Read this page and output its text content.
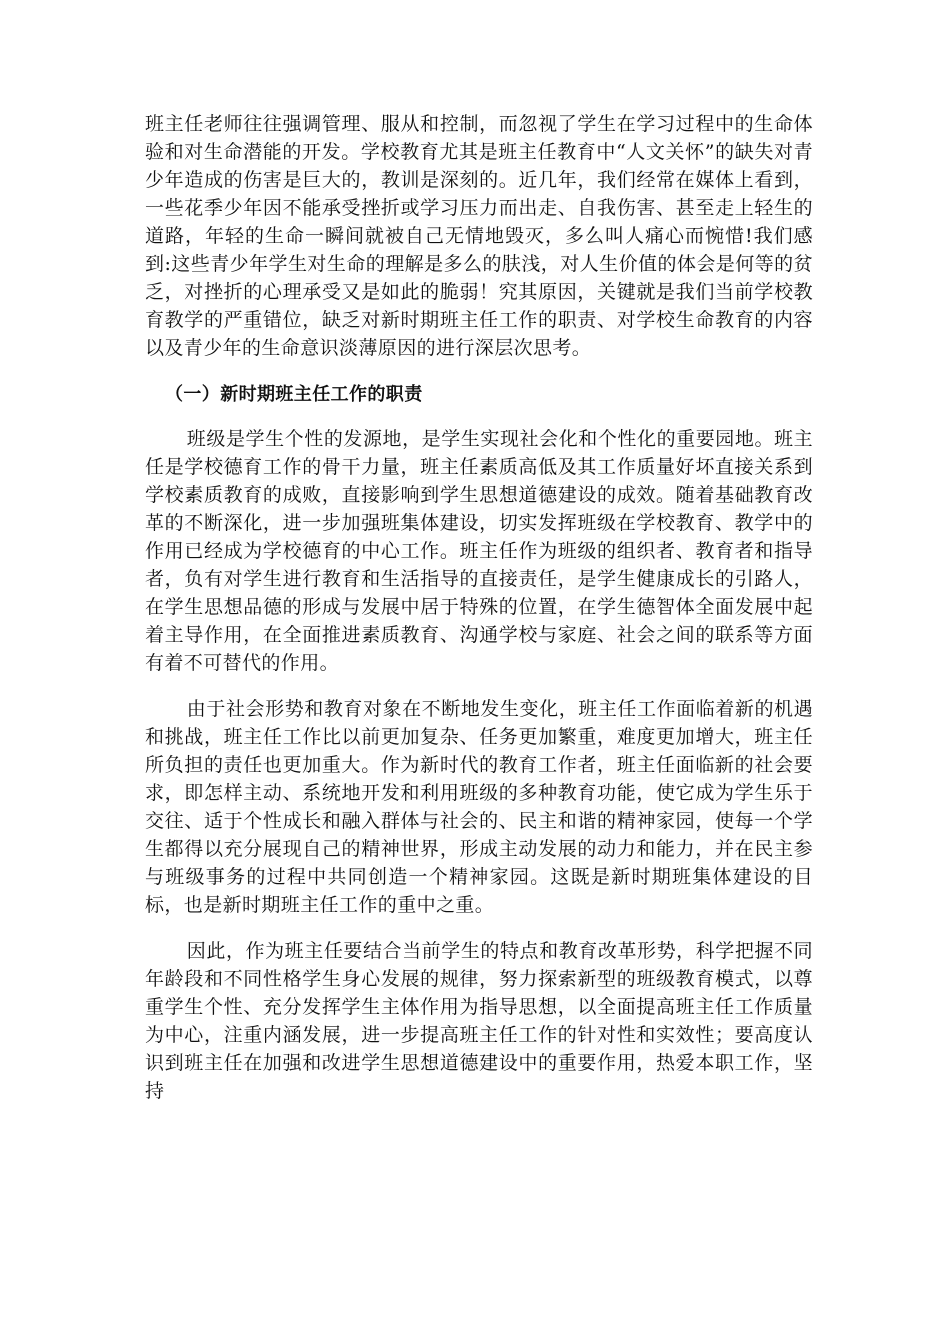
班主任老师往往强调管理、服从和控制，而忽视了学生在学习过程中的生命体验和对生命潜能的开发。学校教育尤其是班主任教育中“人文关怀”的缺失对青少年造成的伤害是巨大的，教训是深刻的。近几年，我们经常在媒体上看到，一些花季少年因不能承受挫折或学习压力而出走、自我伤害、甚至走上轻生的道路，年轻的生命一瞬间就被自己无情地毁灭，多么叫人痛心而惋惜!我们感到:这些青少年学生对生命的理解是多么的肤浅，对人生价值的体会是何等的贫乏，对挫折的心理承受又是如此的脆弱！究其原因，关键就是我们当前学校教育教学的严重错位，缺乏对新时期班主任工作的职责、对学校生命教育的内容以及青少年的生命意识淡薄原因的进行深层次思考。

（一）新时期班主任工作的职责

班级是学生个性的发源地，是学生实现社会化和个性化的重要园地。班主任是学校德育工作的骨干力量，班主任素质高低及其工作质量好坏直接关系到学校素质教育的成败，直接影响到学生思想道德建设的成效。随着基础教育改革的不断深化，进一步加强班集体建设，切实发挥班级在学校教育、教学中的作用已经成为学校德育的中心工作。班主任作为班级的组织者、教育者和指导者，负有对学生进行教育和生活指导的直接责任，是学生健康成长的引路人，在学生思想品德的形成与发展中居于特殊的位置，在学生德智体全面发展中起着主导作用，在全面推进素质教育、沟通学校与家庭、社会之间的联系等方面有着不可替代的作用。

由于社会形势和教育对象在不断地发生变化，班主任工作面临着新的机遇和挑战，班主任工作比以前更加复杂、任务更加繁重，难度更加增大，班主任所负担的责任也更加重大。作为新时代的教育工作者，班主任面临新的社会要求，即怎样主动、系统地开发和利用班级的多种教育功能，使它成为学生乐于交往、适于个性成长和融入群体与社会的、民主和谐的精神家园，使每一个学生都得以充分展现自己的精神世界，形成主动发展的动力和能力，并在民主参与班级事务的过程中共同创造一个精神家园。这既是新时期班集体建设的目标，也是新时期班主任工作的重中之重。

因此，作为班主任要结合当前学生的特点和教育改革形势，科学把握不同年龄段和不同性格学生身心发展的规律，努力探索新型的班级教育模式，以尊重学生个性、充分发挥学生主体作用为指导思想，以全面提高班主任工作质量为中心，注重内涵发展，进一步提高班主任工作的针对性和实效性；要高度认识到班主任在加强和改进学生思想道德建设中的重要作用，热爱本职工作，坚持
